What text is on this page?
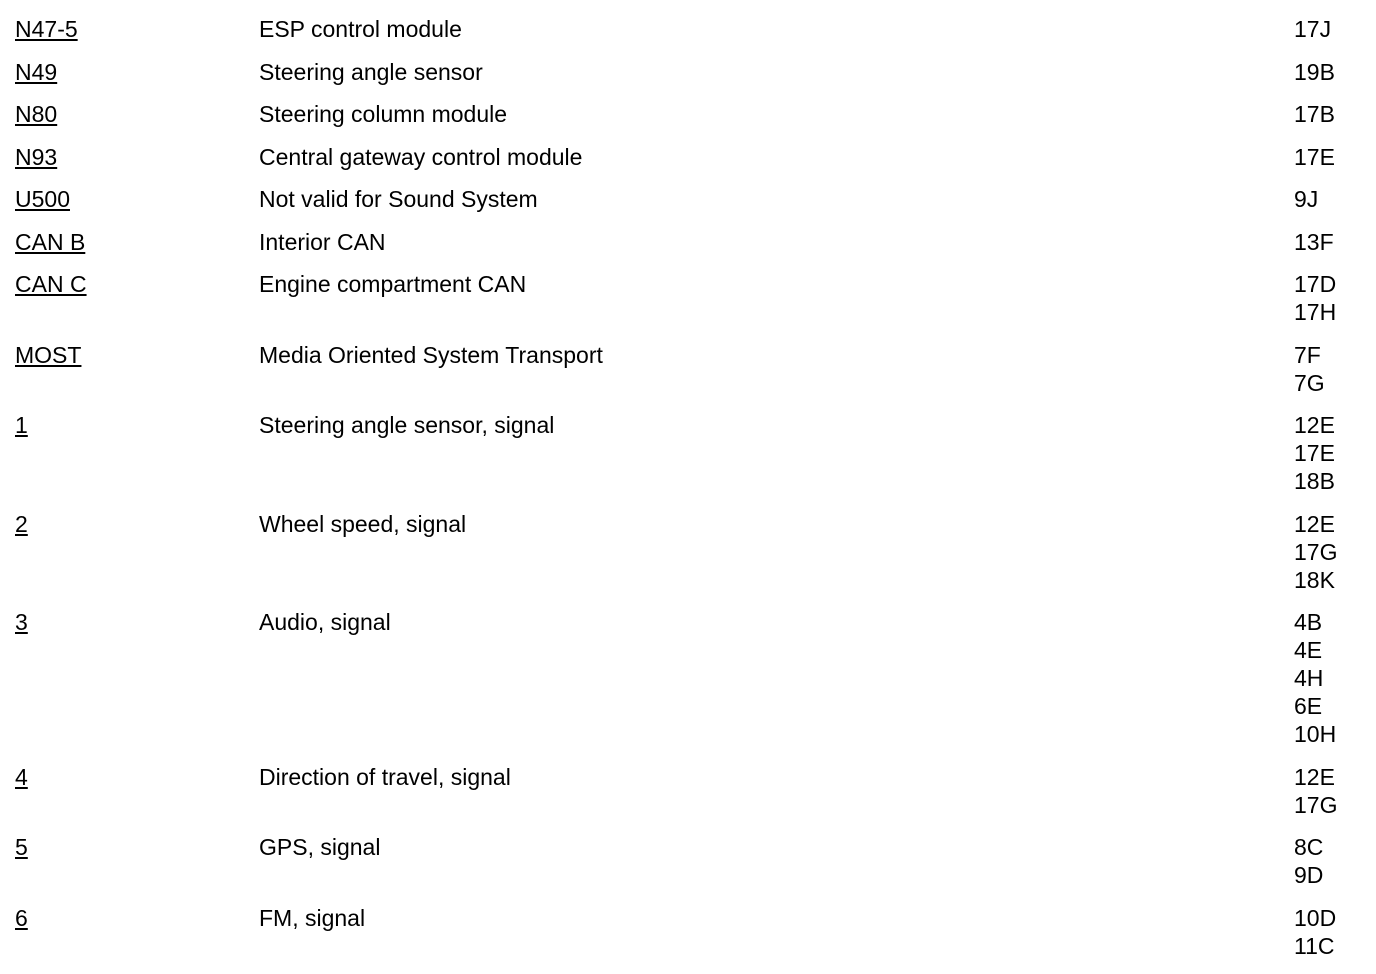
N47-5	ESP control module	17J
N49	Steering angle sensor	19B
N80	Steering column module	17B
N93	Central gateway control module	17E
U500	Not valid for Sound System	9J
CAN B	Interior CAN	13F
CAN C	Engine compartment CAN	17D
17H
MOST	Media Oriented System Transport	7F
7G
1	Steering angle sensor, signal	12E
17E
18B
2	Wheel speed, signal	12E
17G
18K
3	Audio, signal	4B
4E
4H
6E
10H
4	Direction of travel, signal	12E
17G
5	GPS, signal	8C
9D
6	FM, signal	10D
11C
